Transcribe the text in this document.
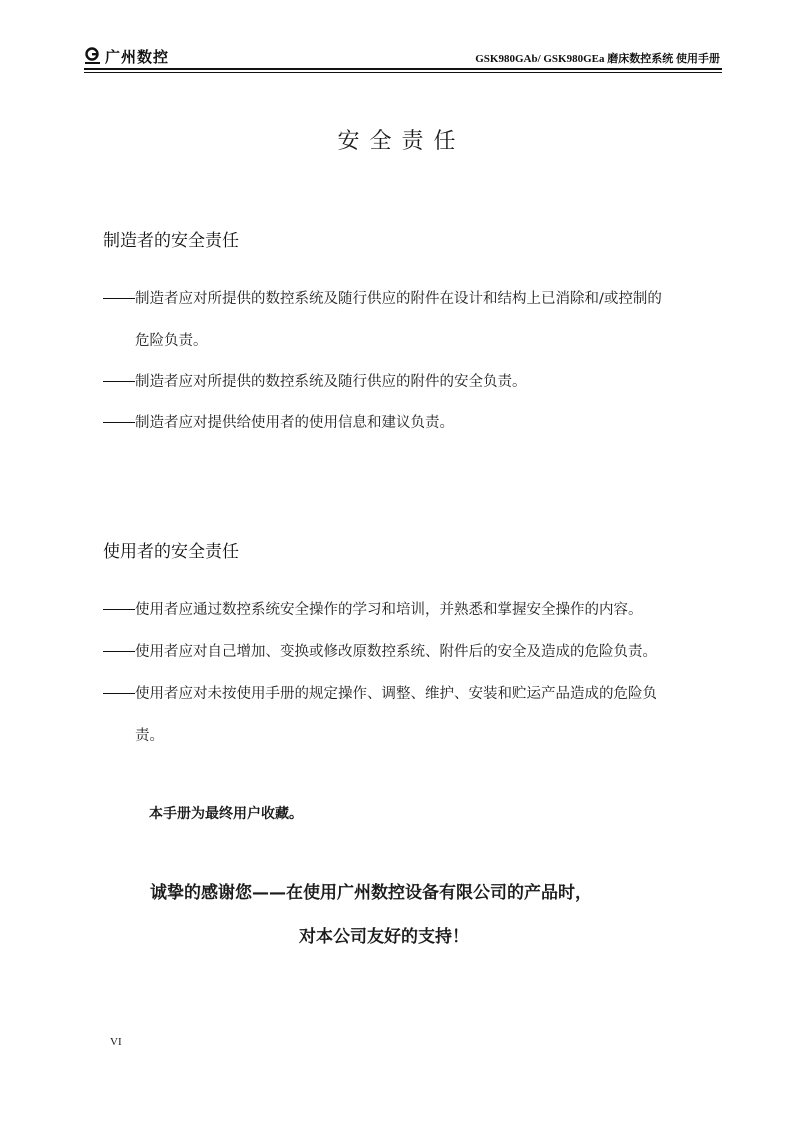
广州数控	GSK980GAb/ GSK980GEa 磨床数控系统 使用手册
安全责任
制造者的安全责任
制造者应对所提供的数控系统及随行供应的附件在设计和结构上已消除和/或控制的
危险负责。
制造者应对所提供的数控系统及随行供应的附件的安全负责。
制造者应对提供给使用者的使用信息和建议负责。
使用者的安全责任
使用者应通过数控系统安全操作的学习和培训，并熟悉和掌握安全操作的内容。
使用者应对自己增加、变换或修改原数控系统、附件后的安全及造成的危险负责。
使用者应对未按使用手册的规定操作、调整、维护、安装和贮运产品造成的危险负
责。
本手册为最终用户收藏。
诚挚的感谢您——在使用广州数控设备有限公司的产品时，
对本公司友好的支持！
VI
